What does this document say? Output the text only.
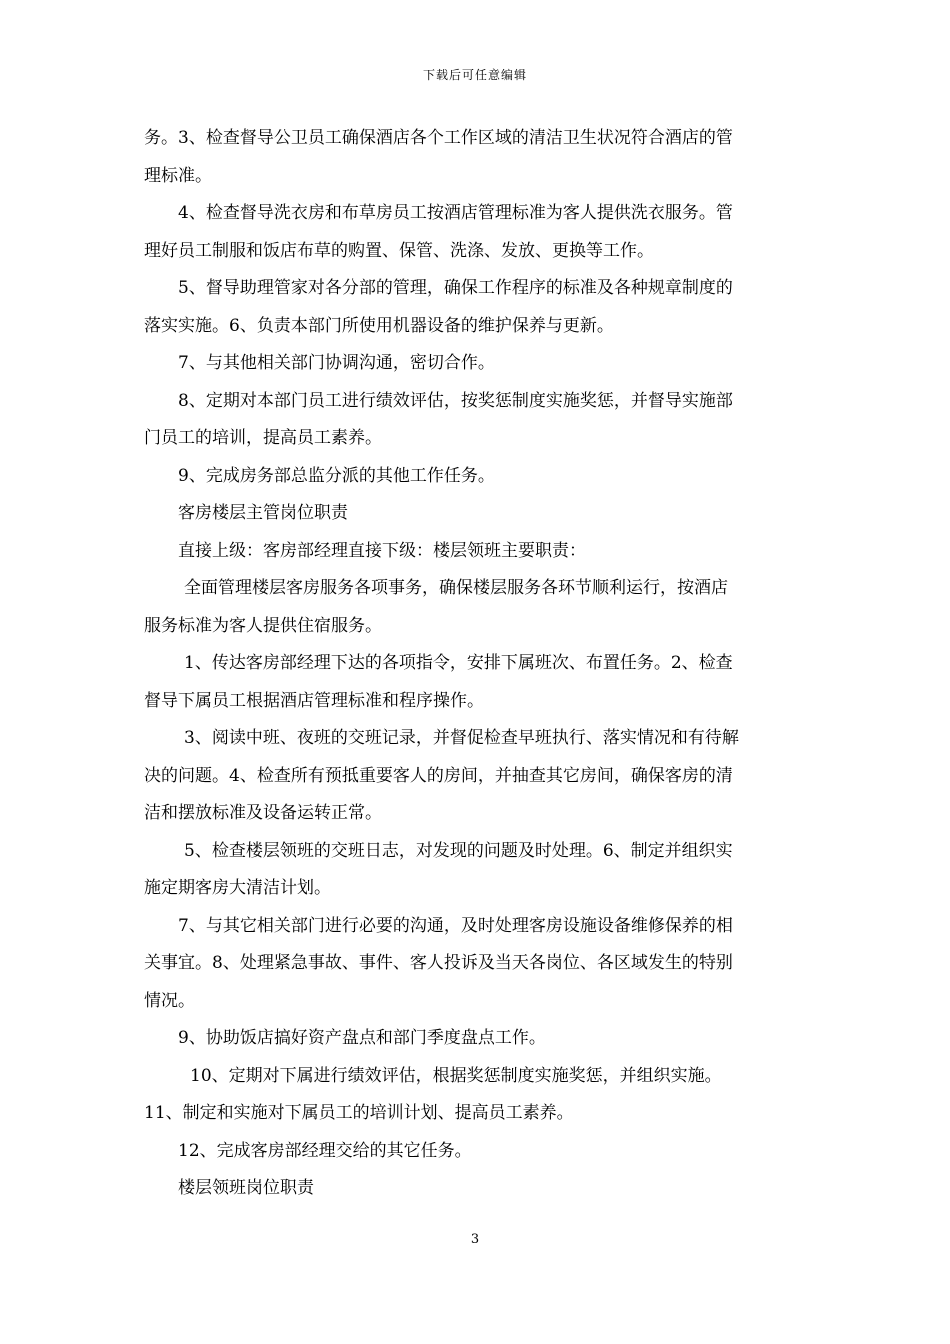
下载后可任意编辑
务。3、检查督导公卫员工确保酒店各个工作区域的清洁卫生状况符合酒店的管
理标准。
4、检查督导洗衣房和布草房员工按酒店管理标准为客人提供洗衣服务。管
理好员工制服和饭店布草的购置、保管、洗涤、发放、更换等工作。
5、督导助理管家对各分部的管理，确保工作程序的标准及各种规章制度的
落实实施。6、负责本部门所使用机器设备的维护保养与更新。
7、与其他相关部门协调沟通，密切合作。
8、定期对本部门员工进行绩效评估，按奖惩制度实施奖惩，并督导实施部
门员工的培训，提高员工素养。
9、完成房务部总监分派的其他工作任务。
客房楼层主管岗位职责
直接上级：客房部经理直接下级：楼层领班主要职责：
全面管理楼层客房服务各项事务，确保楼层服务各环节顺利运行，按酒店
服务标准为客人提供住宿服务。
1、传达客房部经理下达的各项指令，安排下属班次、布置任务。2、检查
督导下属员工根据酒店管理标准和程序操作。
3、阅读中班、夜班的交班记录，并督促检查早班执行、落实情况和有待解
决的问题。4、检查所有预抵重要客人的房间，并抽查其它房间，确保客房的清
洁和摆放标准及设备运转正常。
5、检查楼层领班的交班日志，对发现的问题及时处理。6、制定并组织实
施定期客房大清洁计划。
7、与其它相关部门进行必要的沟通，及时处理客房设施设备维修保养的相
关事宜。8、处理紧急事故、事件、客人投诉及当天各岗位、各区域发生的特别
情况。
9、协助饭店搞好资产盘点和部门季度盘点工作。
10、定期对下属进行绩效评估，根据奖惩制度实施奖惩，并组织实施。
11、制定和实施对下属员工的培训计划、提高员工素养。
12、完成客房部经理交给的其它任务。
楼层领班岗位职责
3
